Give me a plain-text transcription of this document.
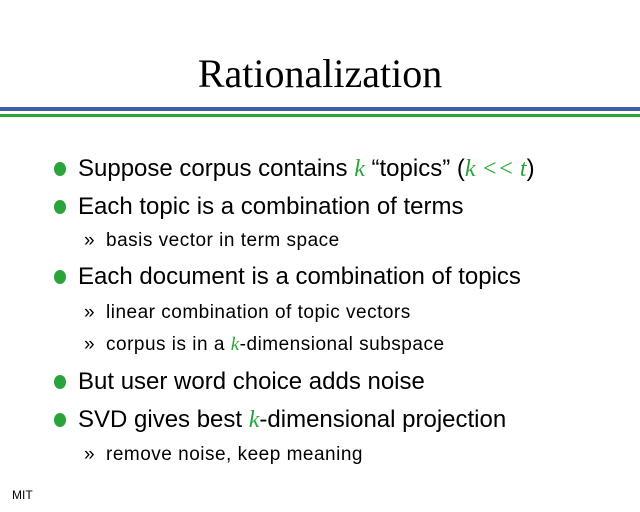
Rationalization
Suppose corpus contains k “topics” (k << t)
Each topic is a combination of terms
» basis vector in term space
Each document is a combination of topics
» linear combination of topic vectors
» corpus is in a k-dimensional subspace
But user word choice adds noise
SVD gives best k-dimensional projection
» remove noise, keep meaning
MIT
